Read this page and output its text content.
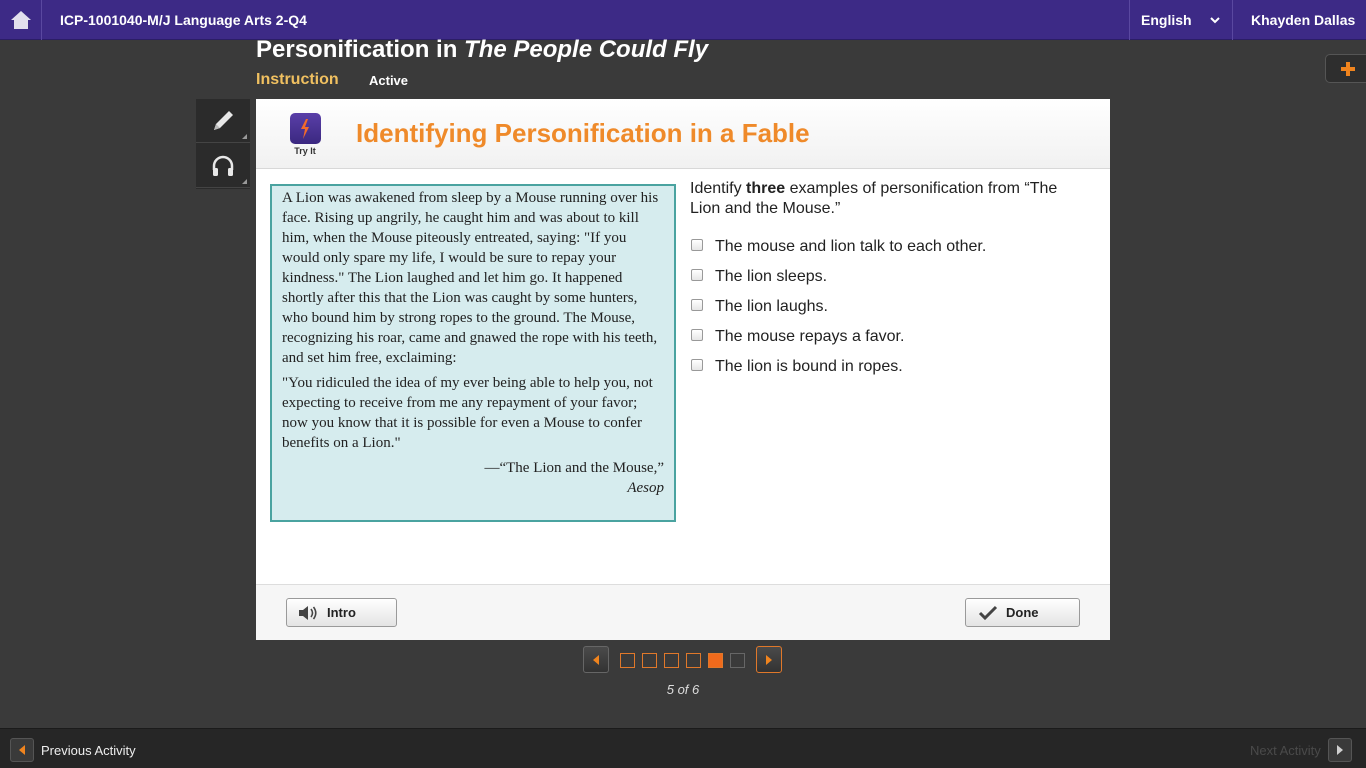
ICP-1001040-M/J Language Arts 2-Q4	English	Khayden Dallas
Personification in The People Could Fly
Instruction Active
Try It
Identifying Personification in a Fable

A Lion was awakened from sleep by a Mouse running over his face. Rising up angrily, he caught him and was about to kill him, when the Mouse piteously entreated, saying: "If you would only spare my life, I would be sure to repay your kindness." The Lion laughed and let him go. It happened shortly after this that the Lion was caught by some hunters, who bound him by strong ropes to the ground. The Mouse, recognizing his roar, came and gnawed the rope with his teeth, and set him free, exclaiming:

"You ridiculed the idea of my ever being able to help you, not expecting to receive from me any repayment of your favor; now you know that it is possible for even a Mouse to confer benefits on a Lion."

—“The Lion and the Mouse,”

Aesop

Identify three examples of personification from “The Lion and the Mouse.”
The mouse and lion talk to each other.
The lion sleeps.
The lion laughs.
The mouse repays a favor.
The lion is bound in ropes.
Intro	Done
5 of 6
Previous Activity	Next Activity
